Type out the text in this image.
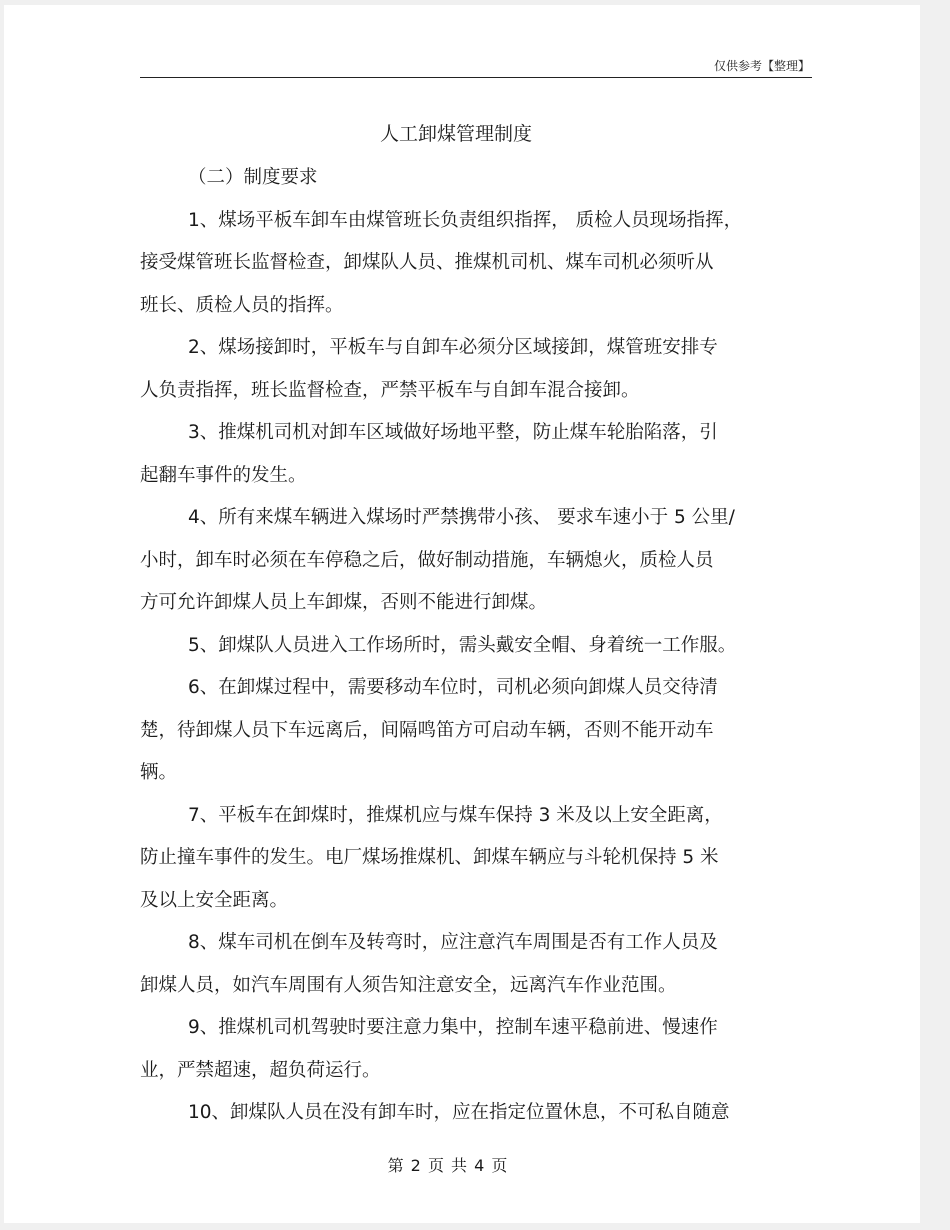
仅供参考【整理】
人工卸煤管理制度
（二）制度要求
1、煤场平板车卸车由煤管班长负责组织指挥， 质检人员现场指挥，
接受煤管班长监督检查，卸煤队人员、推煤机司机、煤车司机必须听从
班长、质检人员的指挥。
2、煤场接卸时，平板车与自卸车必须分区域接卸，煤管班安排专
人负责指挥，班长监督检查，严禁平板车与自卸车混合接卸。
3、推煤机司机对卸车区域做好场地平整，防止煤车轮胎陷落，引
起翻车事件的发生。
4、所有来煤车辆进入煤场时严禁携带小孩、 要求车速小于 5 公里/
小时，卸车时必须在车停稳之后，做好制动措施，车辆熄火，质检人员
方可允许卸煤人员上车卸煤，否则不能进行卸煤。
5、卸煤队人员进入工作场所时，需头戴安全帽、身着统一工作服。
6、在卸煤过程中，需要移动车位时，司机必须向卸煤人员交待清
楚，待卸煤人员下车远离后，间隔鸣笛方可启动车辆，否则不能开动车
辆。
7、平板车在卸煤时，推煤机应与煤车保持 3 米及以上安全距离，
防止撞车事件的发生。电厂煤场推煤机、卸煤车辆应与斗轮机保持 5 米
及以上安全距离。
8、煤车司机在倒车及转弯时，应注意汽车周围是否有工作人员及
卸煤人员，如汽车周围有人须告知注意安全，远离汽车作业范围。
9、推煤机司机驾驶时要注意力集中，控制车速平稳前进、慢速作
业，严禁超速，超负荷运行。
10、卸煤队人员在没有卸车时，应在指定位置休息，不可私自随意
第 2 页 共 4 页
